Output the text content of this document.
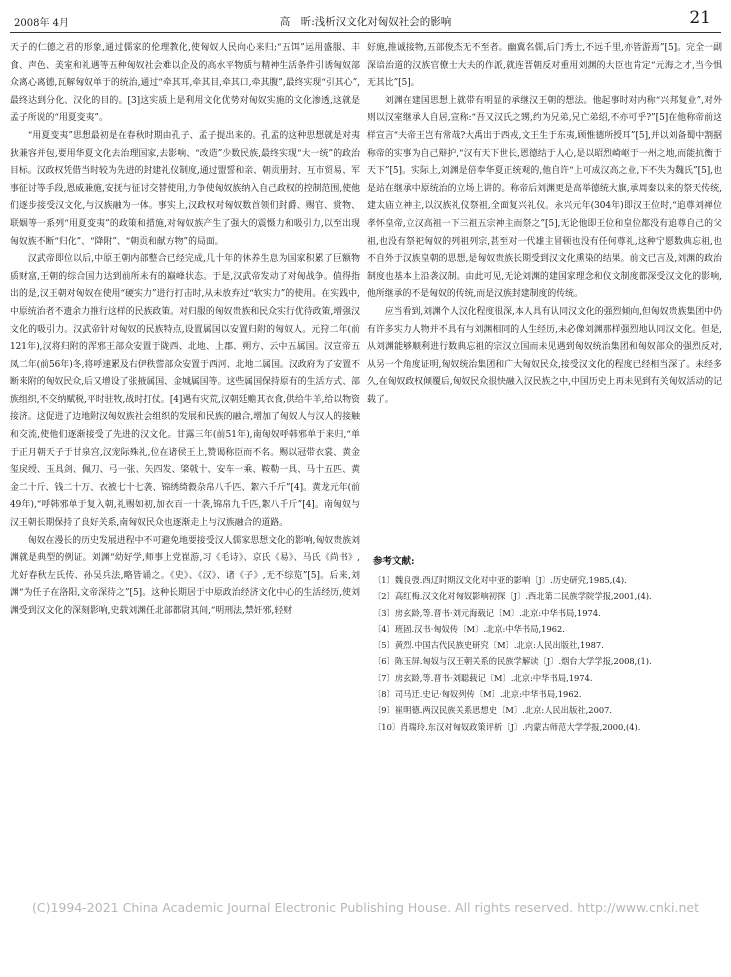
2008年 4月	高　昕:浅析汉文化对匈奴社会的影响	21

天子的仁德之君的形象,通过儒家的伦理教化,使匈奴人民向心来归;“五饵”运用盛服、丰食、声色、美室和礼遇等五种匈奴社会难以企及的高水平物质与精神生活条件引诱匈奴部众离心离德,瓦解匈奴单于的统治,通过“牵其耳,牵其目,牵其口,牵其腹”,最终实现“引其心”,最终达到分化、汉化的目的。[3]这实质上是利用文化优势对匈奴实施的文化渗透,这就是孟子所说的“用夏变夷”。

“用夏变夷”思想最初是在春秋时期由孔子、孟子提出来的。孔孟的这种思想就是对夷狄兼容并包,要用华夏文化去治理国家,去影响、“改造”少数民族,最终实现“大一统”的政治目标。汉政权凭借当时较为先进的封建礼仪制度,通过盟誓和亲、朝贡册封、互市贸易、军事征讨等手段,恩威兼施,安抚与征讨交替使用,力争使匈奴族纳入自己政权的控制范围,使他们逐步接受汉文化,与汉族融为一体。事实上,汉政权对匈奴数首领们封爵、赐官、赏物、联姻等一系列“用夏变夷”的政策和措施,对匈奴族产生了强大的震慑力和吸引力,以至出现匈奴族不断“归化”、“降附”、“朝贡和献方物”的局面。

汉武帝即位以后,中原王朝内部整合已经完成,几十年的休养生息为国家积累了巨额物质财富,王朝的综合国力达到前所未有的巅峰状态。于是,汉武帝发动了对匈战争。值得指出的是,汉王朝对匈奴在使用“硬实力”进行打击时,从未放弃过“软实力”的使用。在实践中,中原统治者不遗余力推行这样的民族政策。对归服的匈奴贵族和民众实行优待政策,增强汉文化的吸引力。汉武帝针对匈奴的民族特点,设置属国以安置归附的匈奴人。元狩二年(前121年),汉将归附的浑邪王部众安置于陇西、北地、上郡、朔方、云中五属国。汉宣帝五凤二年(前56年)冬,将呼速累及右伊秩訾部众安置于西河、北地二属国。汉政府为了安置不断来附的匈奴民众,后又增设了张掖属国、金城属国等。这些属国保持原有的生活方式、部族组织,不交纳赋税,平时驻牧,战时打仗。[4]遇有灾荒,汉朝廷赡其衣食,供给牛羊,给以物资接济。这促进了边地附汉匈奴族社会组织的发展和民族的融合,增加了匈奴人与汉人的接触和交流,使他们逐渐接受了先进的汉文化。甘露三年(前51年),南匈奴呼韩邪单于来归,“单于正月朝天子于甘泉宫,汉宠际殊礼,位在诸侯王上,赞谒称臣而不名。赐以冠带衣裳、黄金玺戾绶、玉具剑、佩刀、弓一张、矢四发、棨戟十、安车一乘、鞍勒一具、马十五匹、黄金二十斤、钱二十万、衣被七十七袭、锦绣绮縠杂帛八千匹、絮六千斤”[4]。黄龙元年(前49年),“呼韩邪单于复入朝,礼赐如初,加衣百一十袭,锦帛九千匹,絮八千斤”[4]。南匈奴与汉王朝长期保持了良好关系,南匈奴民众也逐渐走上与汉族融合的道路。

匈奴在漫长的历史发展进程中不可避免地要接受汉人儒家思想文化的影响,匈奴贵族刘渊就是典型的例证。刘渊“幼好学,师事上党崔游,习《毛诗》、京氏《易》、马氏《尚书》,尤好春秋左氏传、孙吴兵法,略皆诵之。《史》、《汉》、诸《子》,无不综览”[5]。后来,刘渊“为任子在洛阳,文帝深待之”[5]。这种长期居于中原政治经济文化中心的生活经历,使刘渊受到汉文化的深刻影响,史载刘渊任北部都尉其间,“明刑法,禁奸邪,轻财

好施,推诚接物,五部俊杰无不至者。幽冀名儒,后门秀士,不远千里,亦皆游焉”[5]。完全一副深谙治道的汉族官僚士大夫的作派,就连晋朝反对重用刘渊的大臣也肯定“元海之才,当今惧无其比”[5]。

刘渊在建国思想上就带有明显的承继汉王朝的想法。他起事时对内称“兴邦复业”,对外则以汉室继承人自居,宣称:“吾又汉氏之甥,约为兄弟,兄亡弟绍,不亦可乎?”[5]在他称帝前这样宣言“夫帝王岂有常哉?大禹出于西戎,文王生于东夷,顾惟德所授耳”[5],并以刘备蜀中割据称帝的实事为自己辩护,“汉有天下世长,恩德结于人心,是以昭烈崎岖于一州之地,而能抗衡于天下”[5]。实际上,刘渊是倍奉华夏正统观的,他自许“上可成汉高之业,下不失为魏氏”[5],也是站在继承中原统治的立场上讲的。称帝后刘渊更是高举德统大旗,承周秦以来的祭天传统,建太庙立神主,以汉族礼仪祭祖,全面复兴礼仪。永兴元年(304年)即汉王位时,“追尊刘禅位孝怀皇帝,立汉高祖一下三祖五宗神主而祭之”[5],无论他即王位和皇位都没有追尊自己的父祖,也没有祭祀匈奴的列祖列宗,甚至对一代雄主冒顿也没有任何尊礼,这种宁愿数典忘祖,也不自外于汉族皇朝的思想,是匈奴贵族长期受到汉文化熏染的结果。前文已言及,刘渊的政治制度也基本上沿袭汉制。由此可见,无论刘渊的建国家理念和仪文制度都深受汉文化的影响,他所继承的不是匈奴的传统,而是汉族封建制度的传统。

应当看到,刘渊个人汉化程度很深,本人具有认同汉文化的强烈倾向,但匈奴贵族集团中仍有许多实力人物并不具有与刘渊相同的人生经历,未必像刘渊那样强烈地认同汉文化。但是,从刘渊能够顺利进行数典忘祖的宗汉立国而未见遇到匈奴统治集团和匈奴部众的强烈反对,从另一个角度证明,匈奴统治集团和广大匈奴民众,接受汉文化的程度已经相当深了。未经多久,在匈奴政权倾覆后,匈奴民众很快融入汉民族之中,中国历史上再未见到有关匈奴活动的记载了。

参考文献:
〔1〕魏良弢.西辽时期汉文化对中亚的影响〔J〕.历史研究,1985,(4).
〔2〕高红梅.汉文化对匈奴影响初探〔J〕.西北第二民族学院学报,2001,(4).
〔3〕房玄龄,等.晋书·刘元海载记〔M〕.北京:中华书局,1974.
〔4〕班固.汉书·匈奴传〔M〕.北京:中华书局,1962.
〔5〕黄烈.中国古代民族史研究〔M〕.北京:人民出版社,1987.
〔6〕陈玉屏.匈奴与汉王朝关系的民族学解读〔J〕.烟台大学学报,2008,(1).
〔7〕房玄龄,等.晋书·刘聪载记〔M〕.北京:中华书局,1974.
〔8〕司马迁.史记·匈奴列传〔M〕.北京:中华书局,1962.
〔9〕崔明德.两汉民族关系思想史〔M〕.北京:人民出版社,2007.
〔10〕肖瑞玲.东汉对匈奴政策评析〔J〕.内蒙古师范大学学报,2000,(4).
(C)1994-2021 China Academic Journal Electronic Publishing House. All rights reserved. http://www.cnki.net
